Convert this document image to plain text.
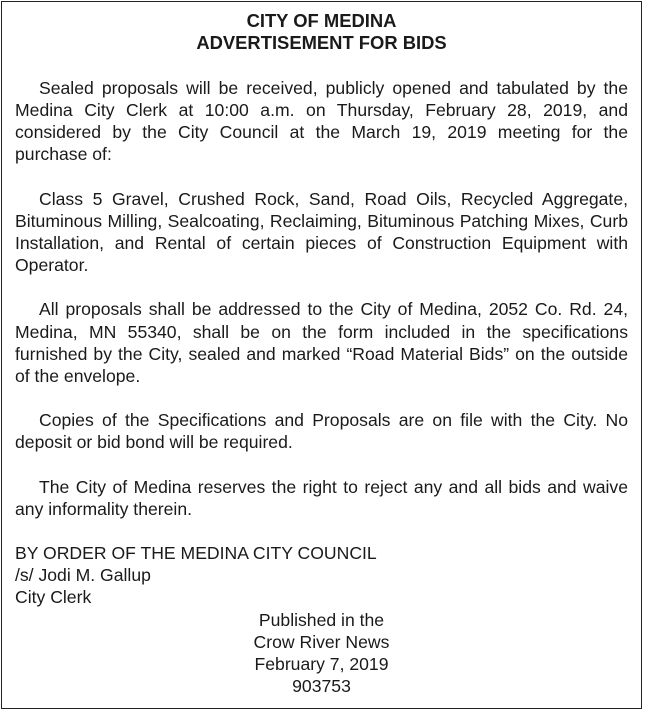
CITY OF MEDINA
ADVERTISEMENT FOR BIDS

Sealed proposals will be received, publicly opened and tabulated by the Medina City Clerk at 10:00 a.m. on Thursday, February 28, 2019, and considered by the City Council at the March 19, 2019 meeting for the purchase of:

Class 5 Gravel, Crushed Rock, Sand, Road Oils, Recycled Aggregate, Bituminous Milling, Sealcoating, Reclaiming, Bituminous Patching Mixes, Curb Installation, and Rental of certain pieces of Construction Equipment with Operator.

All proposals shall be addressed to the City of Medina, 2052 Co. Rd. 24, Medina, MN 55340, shall be on the form included in the specifications furnished by the City, sealed and marked “Road Material Bids” on the outside of the envelope.

Copies of the Specifications and Proposals are on file with the City. No deposit or bid bond will be required.

The City of Medina reserves the right to reject any and all bids and waive any informality therein.

BY ORDER OF THE MEDINA CITY COUNCIL

/s/ Jodi M. Gallup

City Clerk

Published in the

Crow River News

February 7, 2019

903753
